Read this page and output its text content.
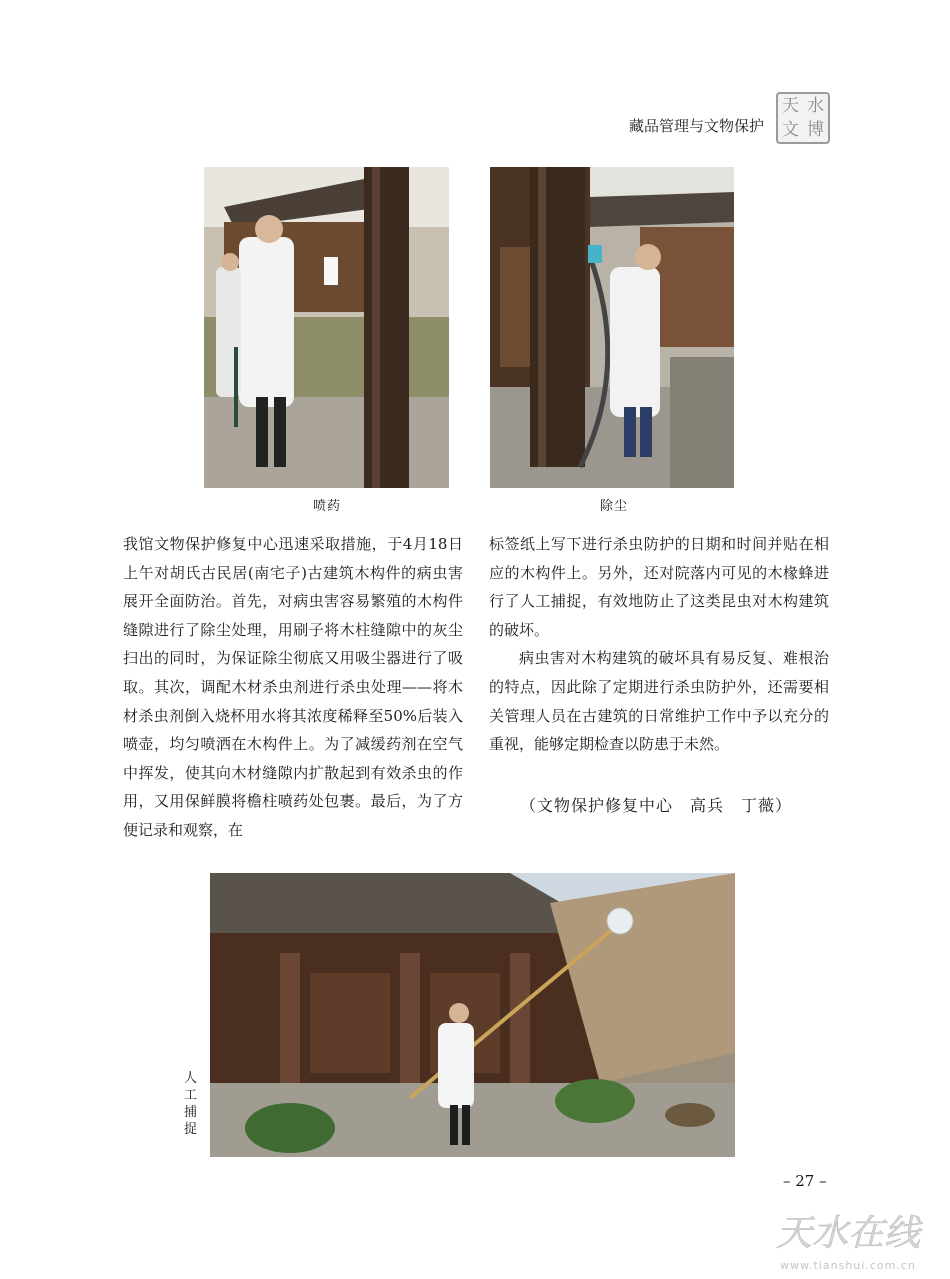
藏品管理与文物保护
天 水
文 博
喷药	除尘

我馆文物保护修复中心迅速采取措施，于4月18日上午对胡氏古民居(南宅子)古建筑木构件的病虫害展开全面防治。首先，对病虫害容易繁殖的木构件缝隙进行了除尘处理，用刷子将木柱缝隙中的灰尘扫出的同时，为保证除尘彻底又用吸尘器进行了吸取。其次，调配木材杀虫剂进行杀虫处理——将木材杀虫剂倒入烧杯用水将其浓度稀释至50%后装入喷壶，均匀喷洒在木构件上。为了减缓药剂在空气中挥发，使其向木材缝隙内扩散起到有效杀虫的作用，又用保鲜膜将檐柱喷药处包裹。最后，为了方便记录和观察，在

标签纸上写下进行杀虫防护的日期和时间并贴在相应的木构件上。另外，还对院落内可见的木椽蜂进行了人工捕捉，有效地防止了这类昆虫对木构建筑的破坏。

病虫害对木构建筑的破坏具有易反复、难根治的特点，因此除了定期进行杀虫防护外，还需要相关管理人员在古建筑的日常维护工作中予以充分的重视，能够定期检查以防患于未然。

（文物保护修复中心　高兵　丁薇）
人工捕捉
– 27 –
天水在线
www.tianshui.com.cn
